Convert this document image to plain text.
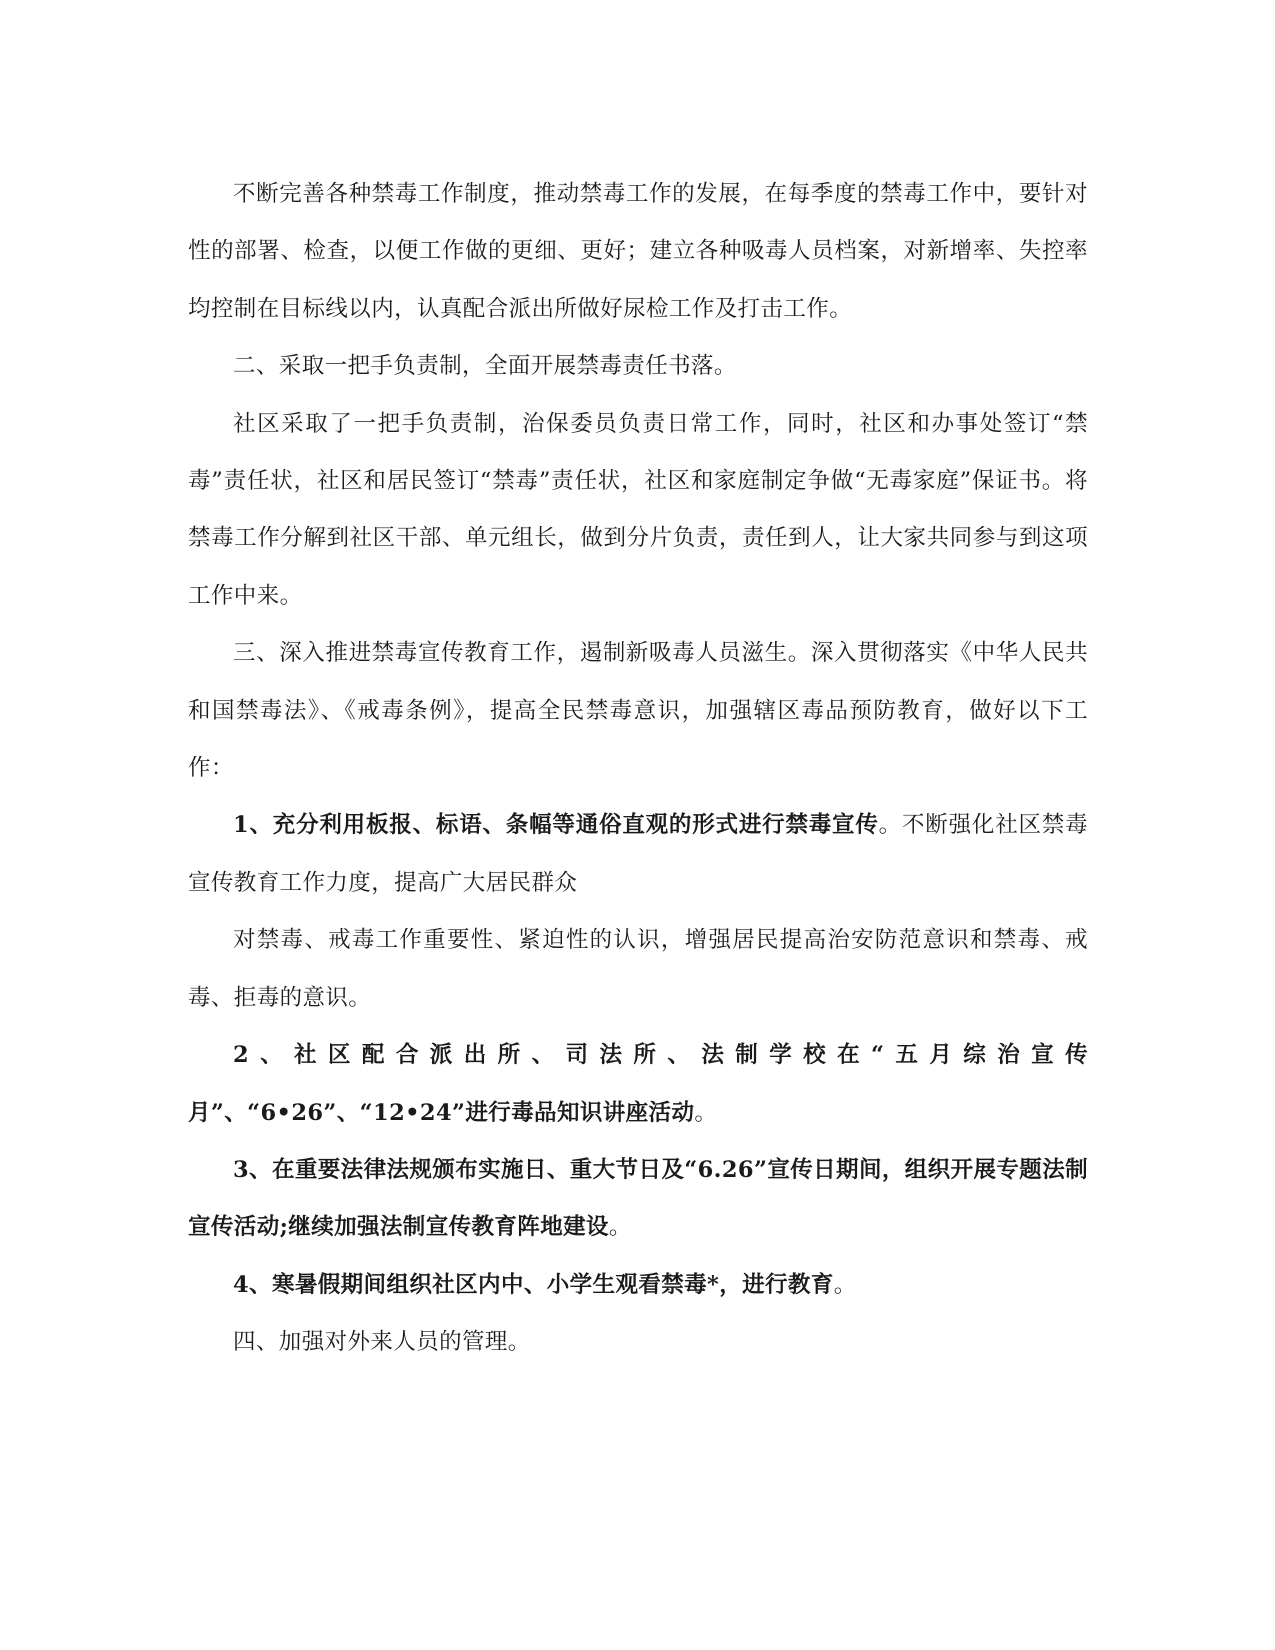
不断完善各种禁毒工作制度，推动禁毒工作的发展，在每季度的禁毒工作中，要针对性的部署、检查，以便工作做的更细、更好；建立各种吸毒人员档案，对新增率、失控率均控制在目标线以内，认真配合派出所做好尿检工作及打击工作。

二、采取一把手负责制，全面开展禁毒责任书落。

社区采取了一把手负责制，治保委员负责日常工作，同时，社区和办事处签订“禁毒”责任状，社区和居民签订“禁毒”责任状，社区和家庭制定争做“无毒家庭”保证书。将禁毒工作分解到社区干部、单元组长，做到分片负责，责任到人，让大家共同参与到这项工作中来。

三、深入推进禁毒宣传教育工作，遏制新吸毒人员滋生。深入贯彻落实《中华人民共和国禁毒法》、《戒毒条例》，提高全民禁毒意识，加强辖区毒品预防教育，做好以下工作：

1、充分利用板报、标语、条幅等通俗直观的形式进行禁毒宣传。不断强化社区禁毒宣传教育工作力度，提高广大居民群众

对禁毒、戒毒工作重要性、紧迫性的认识，增强居民提高治安防范意识和禁毒、戒毒、拒毒的意识。

2、社区配合派出所、司法所、法制学校在“五月综治宣传月”、“6•26”、“12•24”进行毒品知识讲座活动。

3、在重要法律法规颁布实施日、重大节日及“6.26”宣传日期间，组织开展专题法制宣传活动;继续加强法制宣传教育阵地建设。

4、寒暑假期间组织社区内中、小学生观看禁毒*，进行教育。

四、加强对外来人员的管理。
